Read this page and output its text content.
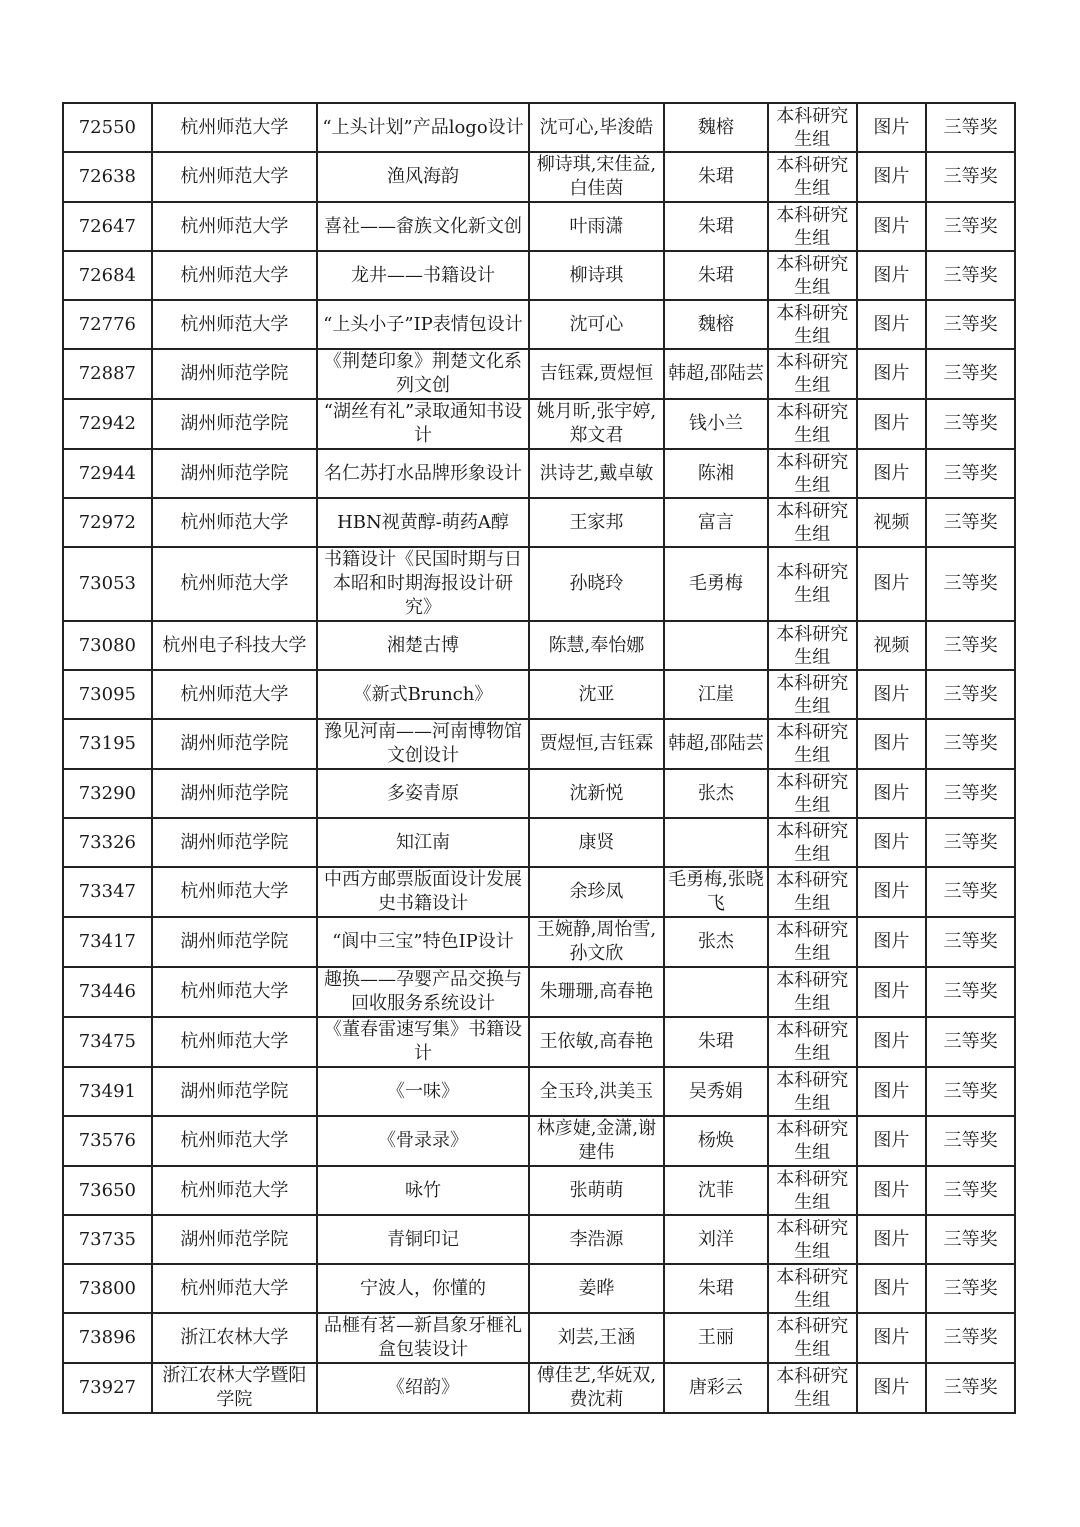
72550	杭州师范大学	“上头计划”产品logo设计	沈可心,毕浚皓	魏榕	本科研究生组	图片	三等奖
72638	杭州师范大学	渔风海韵	柳诗琪,宋佳益,白佳茵	朱珺	本科研究生组	图片	三等奖
72647	杭州师范大学	喜社——畲族文化新文创	叶雨潇	朱珺	本科研究生组	图片	三等奖
72684	杭州师范大学	龙井——书籍设计	柳诗琪	朱珺	本科研究生组	图片	三等奖
72776	杭州师范大学	“上头小子”IP表情包设计	沈可心	魏榕	本科研究生组	图片	三等奖
72887	湖州师范学院	《荆楚印象》荆楚文化系列文创	吉钰霖,贾煜恒	韩超,邵陆芸	本科研究生组	图片	三等奖
72942	湖州师范学院	“湖丝有礼”录取通知书设计	姚月昕,张宇婷,郑文君	钱小兰	本科研究生组	图片	三等奖
72944	湖州师范学院	名仁苏打水品牌形象设计	洪诗艺,戴卓敏	陈湘	本科研究生组	图片	三等奖
72972	杭州师范大学	HBN视黄醇-萌药A醇	王家邦	富言	本科研究生组	视频	三等奖
73053	杭州师范大学	书籍设计《民国时期与日本昭和时期海报设计研究》	孙晓玲	毛勇梅	本科研究生组	图片	三等奖
73080	杭州电子科技大学	湘楚古博	陈慧,奉怡娜		本科研究生组	视频	三等奖
73095	杭州师范大学	《新式Brunch》	沈亚	江崖	本科研究生组	图片	三等奖
73195	湖州师范学院	豫见河南——河南博物馆文创设计	贾煜恒,吉钰霖	韩超,邵陆芸	本科研究生组	图片	三等奖
73290	湖州师范学院	多姿青原	沈新悦	张杰	本科研究生组	图片	三等奖
73326	湖州师范学院	知江南	康贤		本科研究生组	图片	三等奖
73347	杭州师范大学	中西方邮票版面设计发展史书籍设计	余珍凤	毛勇梅,张晓飞	本科研究生组	图片	三等奖
73417	湖州师范学院	“阆中三宝”特色IP设计	王婉静,周怡雪,孙文欣	张杰	本科研究生组	图片	三等奖
73446	杭州师范大学	趣换——孕婴产品交换与回收服务系统设计	朱珊珊,高春艳		本科研究生组	图片	三等奖
73475	杭州师范大学	《董春雷速写集》书籍设计	王依敏,高春艳	朱珺	本科研究生组	图片	三等奖
73491	湖州师范学院	《一味》	全玉玲,洪美玉	吴秀娟	本科研究生组	图片	三等奖
73576	杭州师范大学	《骨录录》	林彦婕,金潇,谢建伟	杨焕	本科研究生组	图片	三等奖
73650	杭州师范大学	咏竹	张萌萌	沈菲	本科研究生组	图片	三等奖
73735	湖州师范学院	青铜印记	李浩源	刘洋	本科研究生组	图片	三等奖
73800	杭州师范大学	宁波人，你懂的	姜晔	朱珺	本科研究生组	图片	三等奖
73896	浙江农林大学	品榧有茗—新昌象牙榧礼盒包装设计	刘芸,王涵	王丽	本科研究生组	图片	三等奖
73927	浙江农林大学暨阳学院	《绍韵》	傅佳艺,华妩双,费沈莉	唐彩云	本科研究生组	图片	三等奖
